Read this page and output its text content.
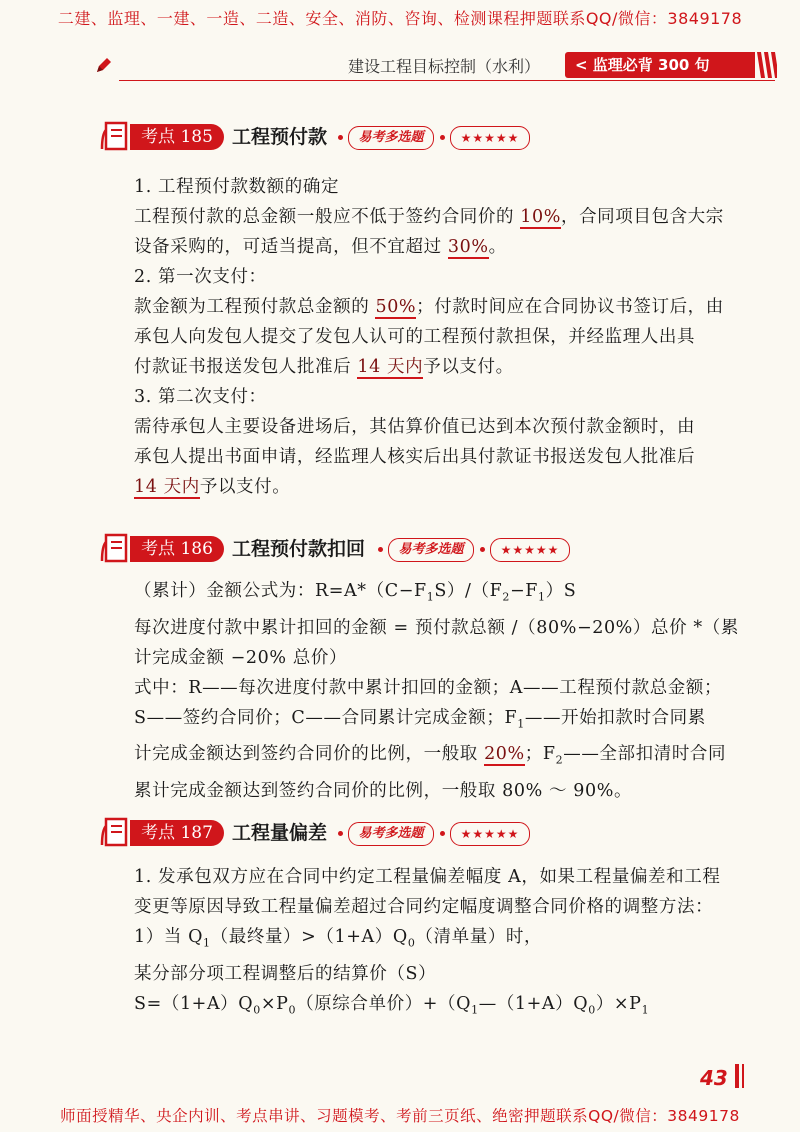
二建、监理、一建、一造、二造、安全、消防、咨询、检测课程押题联系QQ/微信：3849178
建设工程目标控制（水利）	< 监理必背 300 句
考点 185	工程预付款	易考多选题	★★★★★

1. 工程预付款数额的确定

工程预付款的总金额一般应不低于签约合同价的 10%，合同项目包含大宗

设备采购的，可适当提高，但不宜超过 30%。

2. 第一次支付：

款金额为工程预付款总金额的 50%；付款时间应在合同协议书签订后，由

承包人向发包人提交了发包人认可的工程预付款担保，并经监理人出具

付款证书报送发包人批准后 14 天内予以支付。

3. 第二次支付：

需待承包人主要设备进场后，其估算价值已达到本次预付款金额时，由

承包人提出书面申请，经监理人核实后出具付款证书报送发包人批准后

14 天内予以支付。

考点 186	工程预付款扣回	易考多选题	★★★★★

（累计）金额公式为：$R=A*(C-F_1S)/(F_2-F_1)S$

每次进度付款中累计扣回的金额 = 预付款总额 /（80%−20%）总价 *（累

计完成金额 −20% 总价）

式中：R——每次进度付款中累计扣回的金额；A——工程预付款总金额；

S——签约合同价；C——合同累计完成金额；$F_1——$开始扣款时合同累

计完成金额达到签约合同价的比例，一般取 20%；$F_2——$全部扣清时合同

累计完成金额达到签约合同价的比例，一般取 80% ～ 90%。

考点 187	工程量偏差	易考多选题	★★★★★

1. 发承包双方应在合同中约定工程量偏差幅度 A，如果工程量偏差和工程

变更等原因导致工程量偏差超过合同约定幅度调整合同价格的调整方法：

1）当 $Q_1$（最终量）$>(1+A)Q_0$（清单量）时，

某分部分项工程调整后的结算价（S）

$S=(1+A)Q_0\times P_0$（原综合单价）$+(Q_1—(1+A)Q_0)\times P_1$

43
师面授精华、央企内训、考点串讲、习题模考、考前三页纸、绝密押题联系QQ/微信：3849178
